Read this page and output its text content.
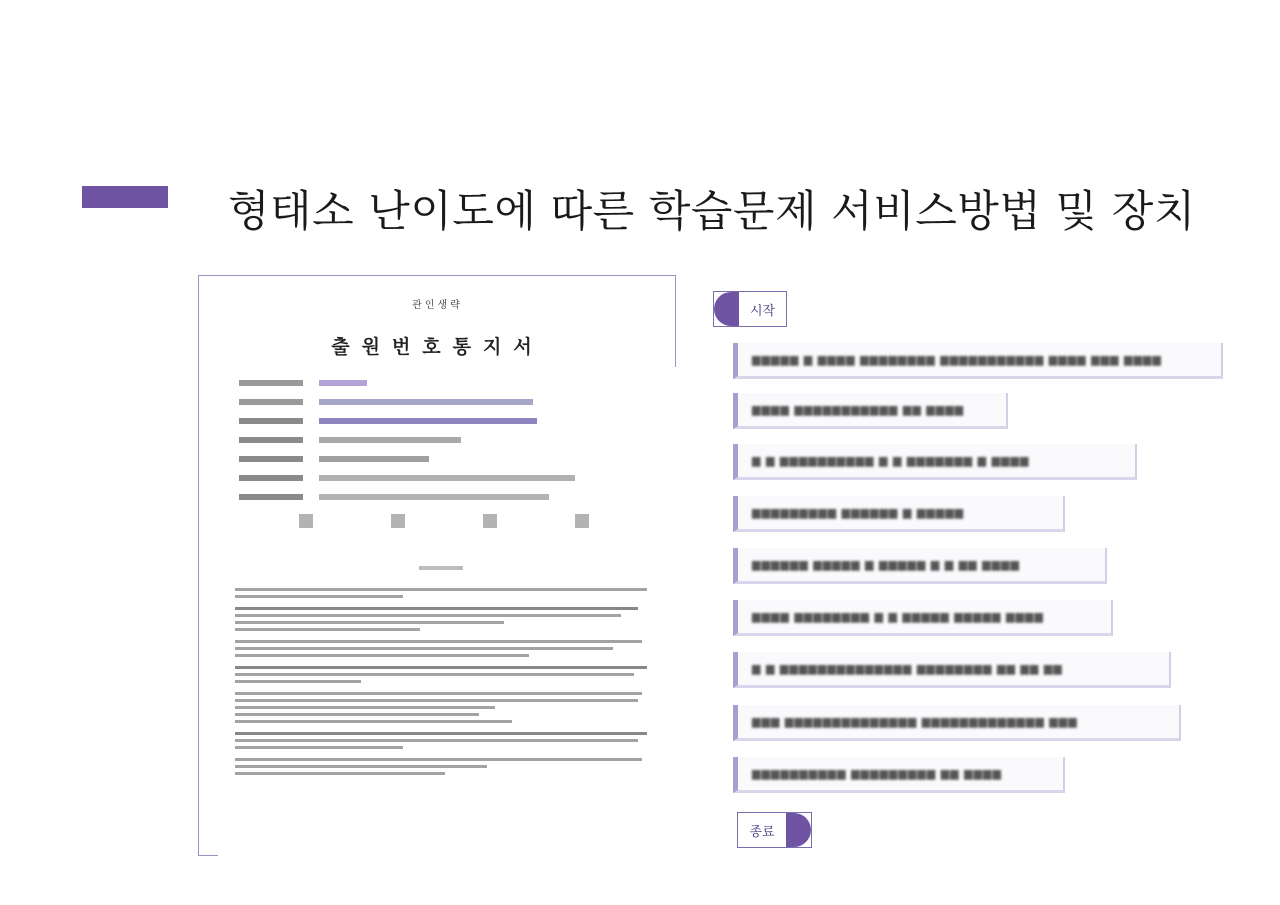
형태소 난이도에 따른 학습문제 서비스방법 및 장치
관인생략
출원번호통지서
시작
▆▆▆▆▆ ▆ ▆▆▆▆ ▆▆▆▆▆▆▆▆ ▆▆▆▆▆▆▆▆▆▆▆ ▆▆▆▆ ▆▆▆ ▆▆▆▆
▆▆▆▆ ▆▆▆▆▆▆▆▆▆▆▆ ▆▆ ▆▆▆▆
▆ ▆ ▆▆▆▆▆▆▆▆▆▆ ▆ ▆ ▆▆▆▆▆▆▆ ▆ ▆▆▆▆
▆▆▆▆▆▆▆▆▆ ▆▆▆▆▆▆ ▆ ▆▆▆▆▆
▆▆▆▆▆▆ ▆▆▆▆▆ ▆ ▆▆▆▆▆ ▆ ▆ ▆▆ ▆▆▆▆
▆▆▆▆ ▆▆▆▆▆▆▆▆ ▆ ▆ ▆▆▆▆▆ ▆▆▆▆▆ ▆▆▆▆
▆ ▆ ▆▆▆▆▆▆▆▆▆▆▆▆▆▆ ▆▆▆▆▆▆▆▆ ▆▆ ▆▆ ▆▆
▆▆▆ ▆▆▆▆▆▆▆▆▆▆▆▆▆▆ ▆▆▆▆▆▆▆▆▆▆▆▆▆ ▆▆▆
▆▆▆▆▆▆▆▆▆▆ ▆▆▆▆▆▆▆▆▆ ▆▆ ▆▆▆▆
종료
